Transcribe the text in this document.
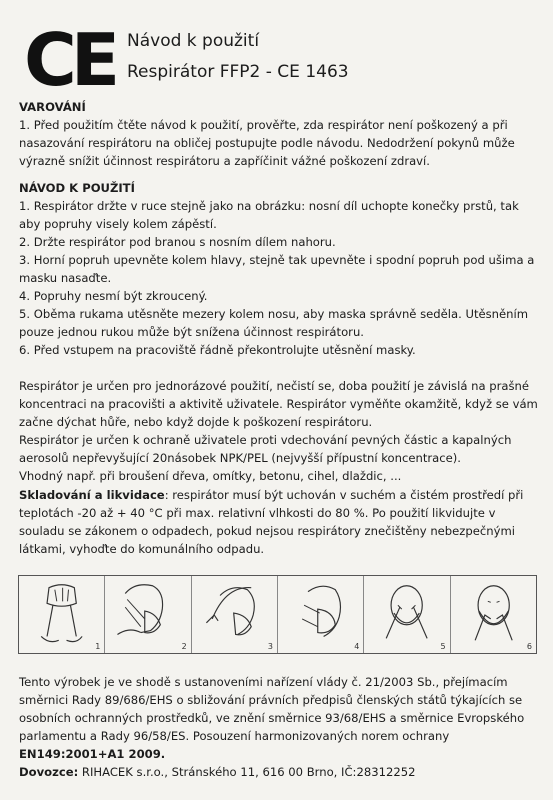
CE Návod k použití
Respirátor FFP2 - CE 1463

VAROVÁNÍ

1. Před použitím čtěte návod k použití, prověřte, zda respirátor není poškozený a při nasazování respirátoru na obličej postupujte podle návodu. Nedodržení pokynů může výrazně snížit účinnost respirátoru a zapříčinit vážné poškození zdraví.

NÁVOD K POUŽITÍ

1. Respirátor držte v ruce stejně jako na obrázku: nosní díl uchopte konečky prstů, tak aby popruhy visely kolem zápěstí.

2. Držte respirátor pod branou s nosním dílem nahoru.

3. Horní popruh upevněte kolem hlavy, stejně tak upevněte i spodní popruh pod ušima a masku nasaďte.

4. Popruhy nesmí být zkroucený.

5. Oběma rukama utěsněte mezery kolem nosu, aby maska správně seděla. Utěsněním pouze jednou rukou může být snížena účinnost respirátoru.

6. Před vstupem na pracoviště řádně překontrolujte utěsnění masky.

Respirátor je určen pro jednorázové použití, nečistí se, doba použití je závislá na prašné koncentraci na pracovišti a aktivitě uživatele. Respirátor vyměňte okamžitě, když se vám začne dýchat hůře, nebo když dojde k poškození respirátoru.

Respirátor je určen k ochraně uživatele proti vdechování pevných částic a kapalných aerosolů nepřevyšující 20násobek NPK/PEL (nejvyšší přípustní koncentrace).

Vhodný např. při broušení dřeva, omítky, betonu, cihel, dlaždic, ...

Skladování a likvidace: respirátor musí být uchován v suchém a čistém prostředí při teplotách -20 až + 40 °C při max. relativní vlhkosti do 80 %. Po použití likvidujte v souladu se zákonem o odpadech, pokud nejsou respirátory znečištěny nebezpečnými látkami, vyhoďte do komunálního odpadu.

1	2	3	4	5	6

Tento výrobek je ve shodě s ustanoveními nařízení vlády č. 21/2003 Sb., přejímacím směrnici Rady 89/686/EHS o sbližování právních předpisů členských států týkajících se osobních ochranných prostředků, ve znění směrnice 93/68/EHS a směrnice Evropského parlamentu a Rady 96/58/ES. Posouzení harmonizovaných norem ochrany

EN149:2001+A1 2009.

Dovozce: RIHACEK s.r.o., Stránského 11, 616 00 Brno, IČ:28312252
